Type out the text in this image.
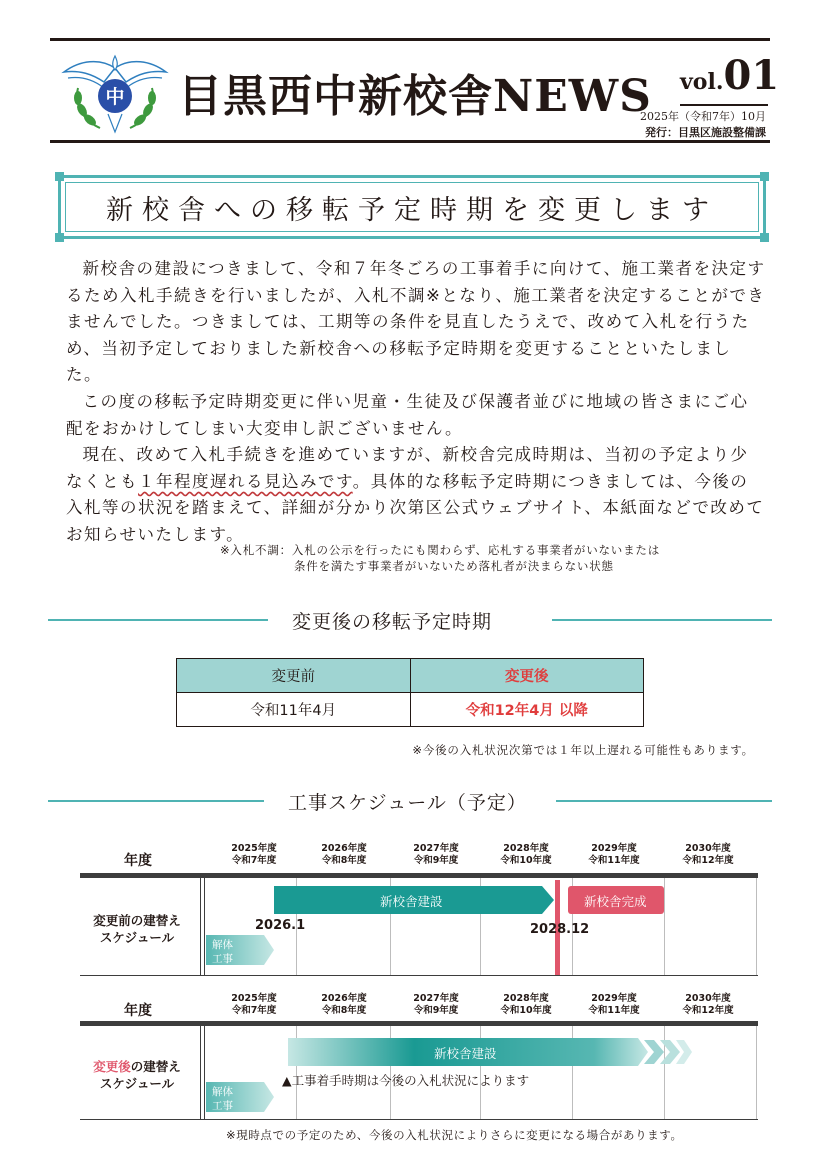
中 目黒西中新校舎NEWS vol.01
2025年（令和7年）10月
発行：目黒区施設整備課
新校舎への移転予定時期を変更します

新校舎の建設につきまして、令和７年冬ごろの工事着手に向けて、施工業者を決定するため入札手続きを行いましたが、入札不調※となり、施工業者を決定することができませんでした。つきましては、工期等の条件を見直したうえで、改めて入札を行うため、当初予定しておりました新校舎への移転予定時期を変更することといたしました。

この度の移転予定時期変更に伴い児童・生徒及び保護者並びに地域の皆さまにご心配をおかけしてしまい大変申し訳ございません。

現在、改めて入札手続きを進めていますが、新校舎完成時期は、当初の予定より少なくとも１年程度遅れる見込みです。具体的な移転予定時期につきましては、今後の入札等の状況を踏まえて、詳細が分かり次第区公式ウェブサイト、本紙面などで改めてお知らせいたします。

※入札不調：入札の公示を行ったにも関わらず、応札する事業者がいないまたは
条件を満たす事業者がいないため落札者が決まらない状態
変更後の移転予定時期
変更前	変更後
令和11年4月	令和12年4月 以降
※今後の入札状況次第では１年以上遅れる可能性もあります。
工事スケジュール（予定）
年度
2025年度
令和7年度
2026年度
令和8年度
2027年度
令和9年度
2028年度
令和10年度
2029年度
令和11年度
2030年度
令和12年度
変更前の建替え
スケジュール
新校舎建設	新校舎完成
2026.1	2028.12
解体
工事
年度
2025年度
令和7年度
2026年度
令和8年度
2027年度
令和9年度
2028年度
令和10年度
2029年度
令和11年度
2030年度
令和12年度
変更後の建替え
スケジュール
新校舎建設
▲工事着手時期は今後の入札状況によります
解体
工事
※現時点での予定のため、今後の入札状況によりさらに変更になる場合があります。
